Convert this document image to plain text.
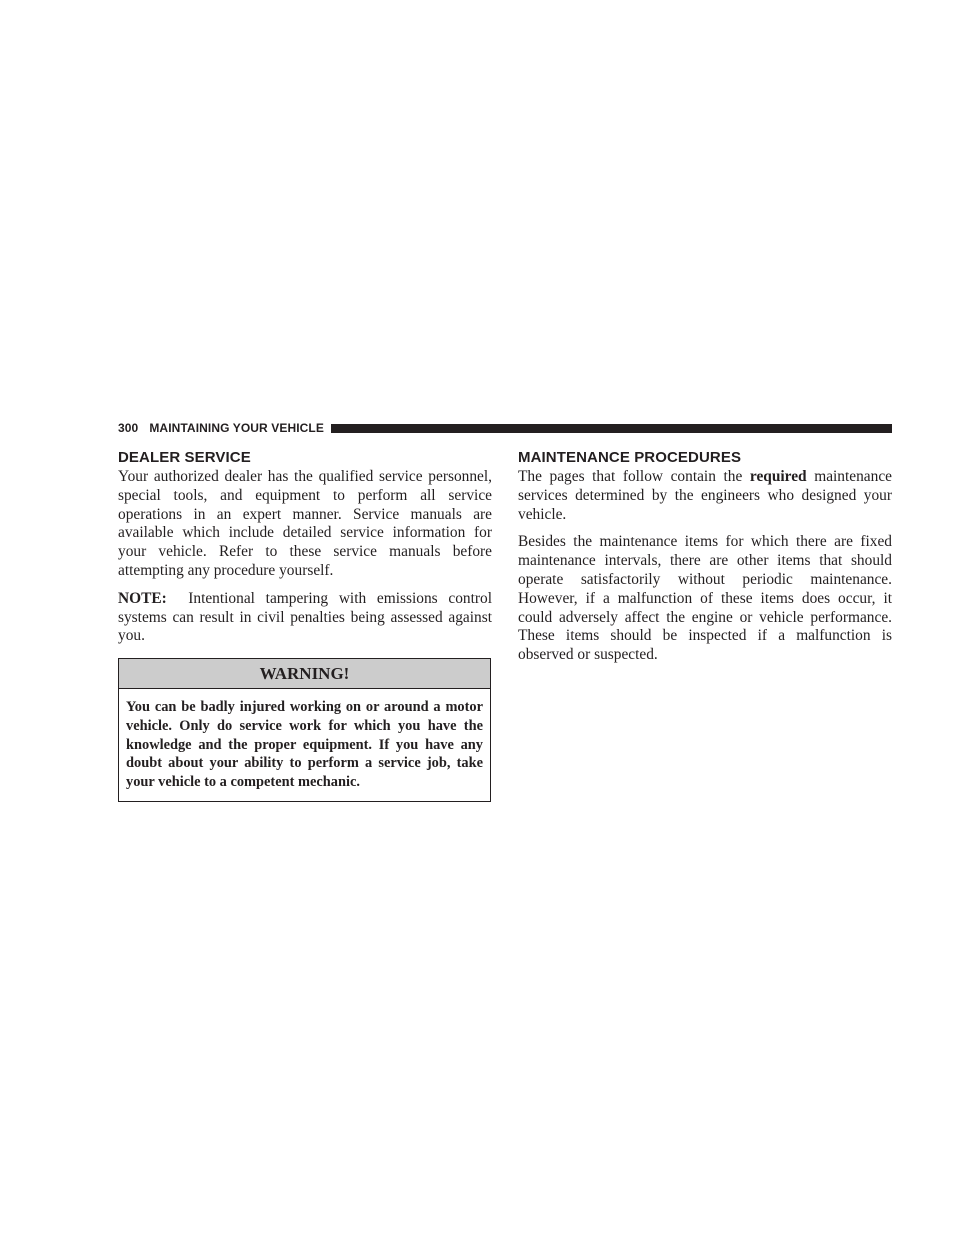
300 MAINTAINING YOUR VEHICLE
DEALER SERVICE

Your authorized dealer has the qualified service personnel, special tools, and equipment to perform all service operations in an expert manner. Service manuals are available which include detailed service information for your vehicle. Refer to these service manuals before attempting any procedure yourself.

NOTE: Intentional tampering with emissions control systems can result in civil penalties being assessed against you.

WARNING!
You can be badly injured working on or around a motor vehicle. Only do service work for which you have the knowledge and the proper equipment. If you have any doubt about your ability to perform a service job, take your vehicle to a competent mechanic.
MAINTENANCE PROCEDURES

The pages that follow contain the required maintenance services determined by the engineers who designed your vehicle.

Besides the maintenance items for which there are fixed maintenance intervals, there are other items that should operate satisfactorily without periodic maintenance. However, if a malfunction of these items does occur, it could adversely affect the engine or vehicle performance. These items should be inspected if a malfunction is observed or suspected.
